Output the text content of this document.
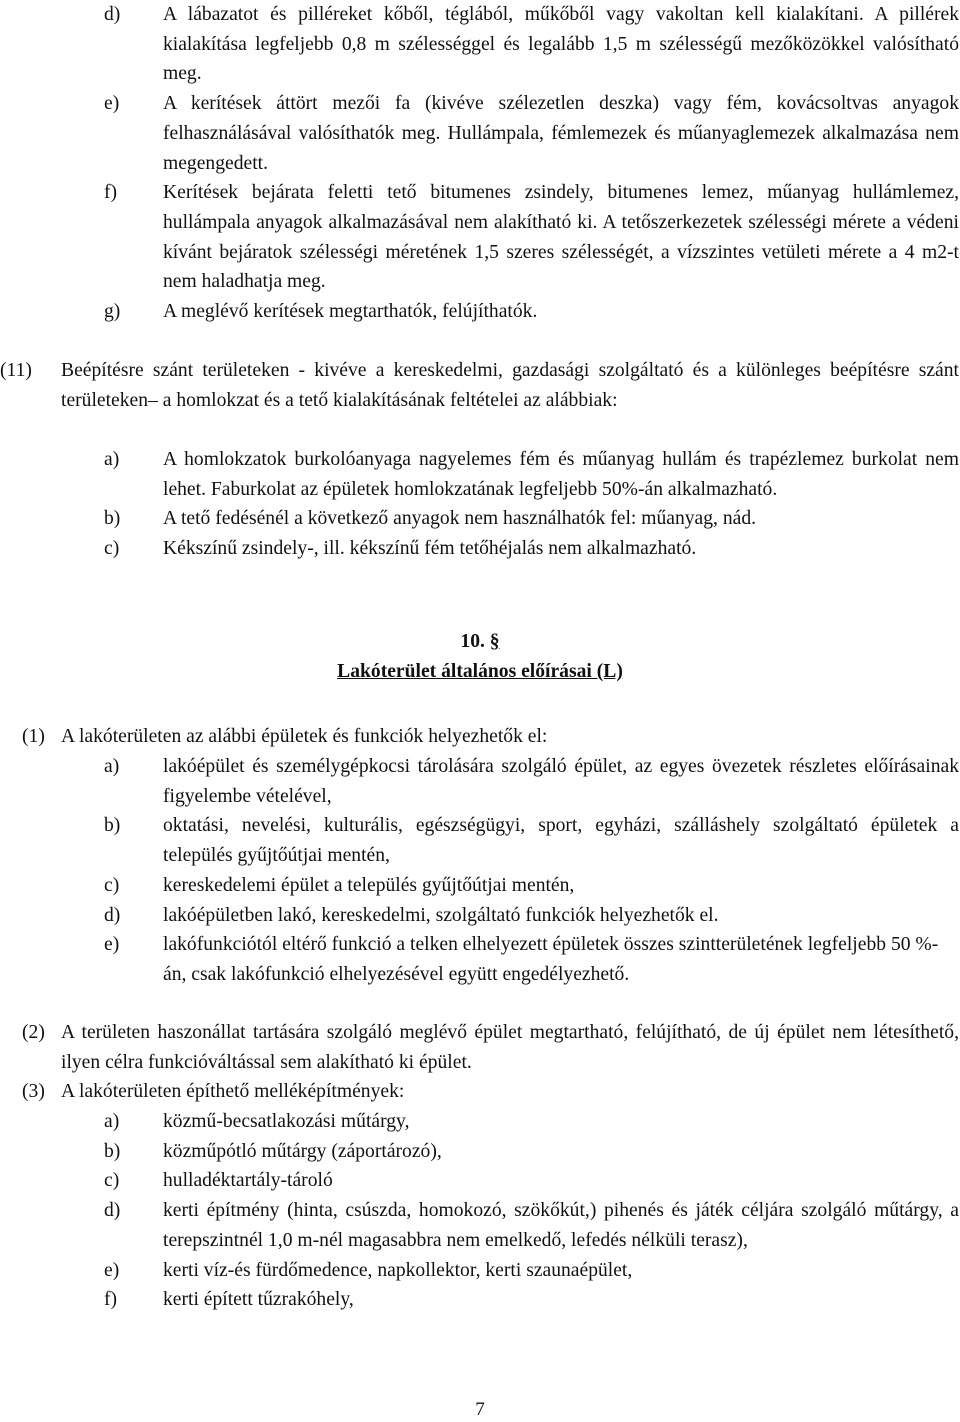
d) A lábazatot és pilléreket kőből, téglából, műkőből vagy vakoltan kell kialakítani. A pillérek kialakítása legfeljebb 0,8 m szélességgel és legalább 1,5 m szélességű mezőközökkel valósítható meg.
e) A kerítések áttört mezői fa (kivéve szélezetlen deszka) vagy fém, kovácsoltvas anyagok felhasználásával valósíthatók meg. Hullámpala, fémlemezek és műanyaglemezek alkalmazása nem megengedett.
f) Kerítések bejárata feletti tető bitumenes zsindely, bitumenes lemez, műanyag hullámlemez, hullámpala anyagok alkalmazásával nem alakítható ki. A tetőszerkezetek szélességi mérete a védeni kívánt bejáratok szélességi méretének 1,5 szeres szélességét, a vízszintes vetületi mérete a 4 m2-t nem haladhatja meg.
g) A meglévő kerítések megtarthatók, felújíthatók.
(11) Beépítésre szánt területeken - kivéve a kereskedelmi, gazdasági szolgáltató és a különleges beépítésre szánt területeken– a homlokzat és a tető kialakításának feltételei az alábbiak:
a) A homlokzatok burkolóanyaga nagyelemes fém és műanyag hullám és trapézlemez burkolat nem lehet. Faburkolat az épületek homlokzatának legfeljebb 50%-án alkalmazható.
b) A tető fedésénél a következő anyagok nem használhatók fel: műanyag, nád.
c) Kékszínű zsindely-, ill. kékszínű fém tetőhéjalás nem alkalmazható.
10. §
Lakóterület általános előírásai (L)
(1) A lakóterületen az alábbi épületek és funkciók helyezhetők el:
a) lakóépület és személygépkocsi tárolására szolgáló épület, az egyes övezetek részletes előírásainak figyelembe vételével,
b) oktatási, nevelési, kulturális, egészségügyi, sport, egyházi, szálláshely szolgáltató épületek a település gyűjtőútjai mentén,
c) kereskedelemi épület a település gyűjtőútjai mentén,
d) lakóépületben lakó, kereskedelmi, szolgáltató funkciók helyezhetők el.
e) lakófunkciótól eltérő funkció a telken elhelyezett épületek összes szintterületének legfeljebb 50 %-án, csak lakófunkció elhelyezésével együtt engedélyezhető.
(2) A területen haszonállat tartására szolgáló meglévő épület megtartható, felújítható, de új épület nem létesíthető, ilyen célra funkcióváltással sem alakítható ki épület.
(3) A lakóterületen építhető melléképítmények:
a) közmű-becsatlakozási műtárgy,
b) közműpótló műtárgy (záportározó),
c) hulladéktartály-tároló
d) kerti építmény (hinta, csúszda, homokozó, szökőkút,) pihenés és játék céljára szolgáló műtárgy, a terepszintnél 1,0 m-nél magasabbra nem emelkedő, lefedés nélküli terasz),
e) kerti víz-és fürdőmedence, napkollektor, kerti szaunaépület,
f) kerti épített tűzrakóhely,
7
